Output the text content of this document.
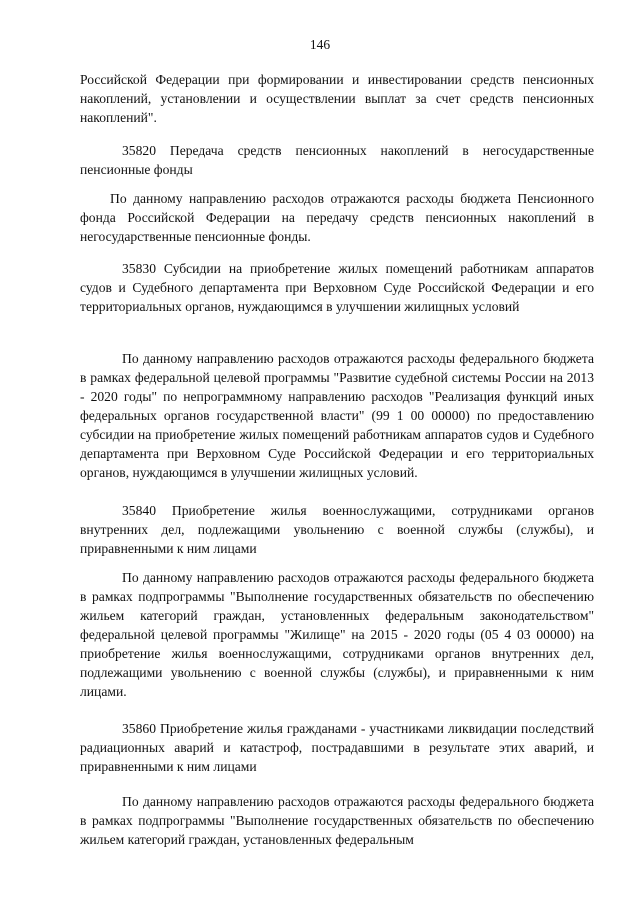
146

Российской Федерации при формировании и инвестировании средств пенсионных накоплений, установлении и осуществлении выплат за счет средств пенсионных накоплений".

35820 Передача средств пенсионных накоплений в негосударственные пенсионные фонды

По данному направлению расходов отражаются расходы бюджета Пенсионного фонда Российской Федерации на передачу средств пенсионных накоплений в негосударственные пенсионные фонды.

35830 Субсидии на приобретение жилых помещений работникам аппаратов судов и Судебного департамента при Верховном Суде Российской Федерации и его территориальных органов, нуждающимся в улучшении жилищных условий

По данному направлению расходов отражаются расходы федерального бюджета в рамках федеральной целевой программы "Развитие судебной системы России на 2013 - 2020 годы" по непрограммному направлению расходов "Реализация функций иных федеральных органов государственной власти" (99 1 00 00000) по предоставлению субсидии на приобретение жилых помещений работникам аппаратов судов и Судебного департамента при Верховном Суде Российской Федерации и его территориальных органов, нуждающимся в улучшении жилищных условий.

35840 Приобретение жилья военнослужащими, сотрудниками органов внутренних дел, подлежащими увольнению с военной службы (службы), и приравненными к ним лицами

По данному направлению расходов отражаются расходы федерального бюджета в рамках подпрограммы "Выполнение государственных обязательств по обеспечению жильем категорий граждан, установленных федеральным законодательством" федеральной целевой программы "Жилище" на 2015 - 2020 годы (05 4 03 00000) на приобретение жилья военнослужащими, сотрудниками органов внутренних дел, подлежащими увольнению с военной службы (службы), и приравненными к ним лицами.

35860 Приобретение жилья гражданами - участниками ликвидации последствий радиационных аварий и катастроф, пострадавшими в результате этих аварий, и приравненными к ним лицами

По данному направлению расходов отражаются расходы федерального бюджета в рамках подпрограммы "Выполнение государственных обязательств по обеспечению жильем категорий граждан, установленных федеральным
